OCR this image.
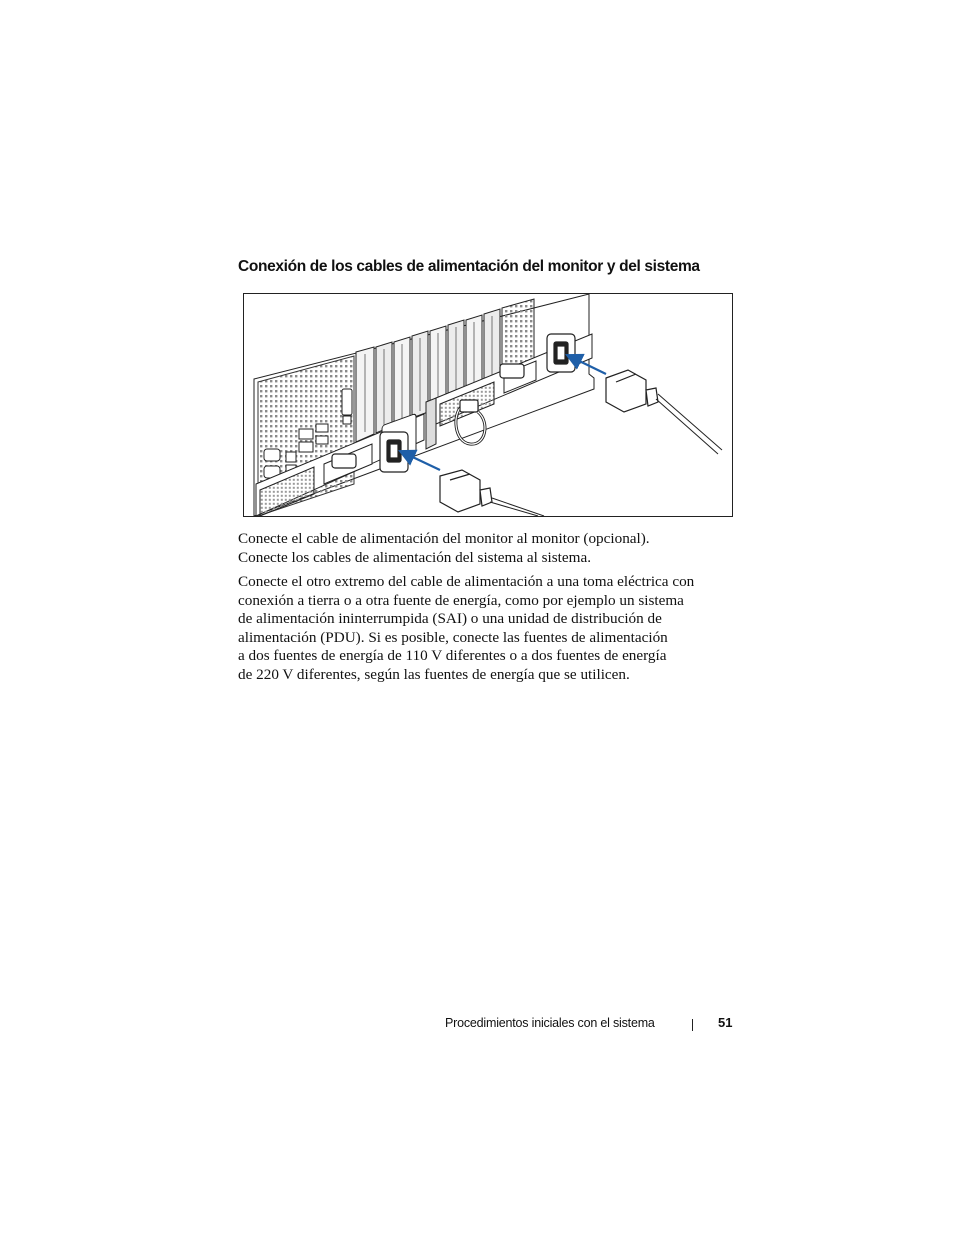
Conexión de los cables de alimentación del monitor y del sistema

Conecte el cable de alimentación del monitor al monitor (opcional).
Conecte los cables de alimentación del sistema al sistema.

Conecte el otro extremo del cable de alimentación a una toma eléctrica con
conexión a tierra o a otra fuente de energía, como por ejemplo un sistema
de alimentación ininterrumpida (SAI) o una unidad de distribución de
alimentación (PDU). Si es posible, conecte las fuentes de alimentación
a dos fuentes de energía de 110 V diferentes o a dos fuentes de energía
de 220 V diferentes, según las fuentes de energía que se utilicen.

Procedimientos iniciales con el sistema	51
